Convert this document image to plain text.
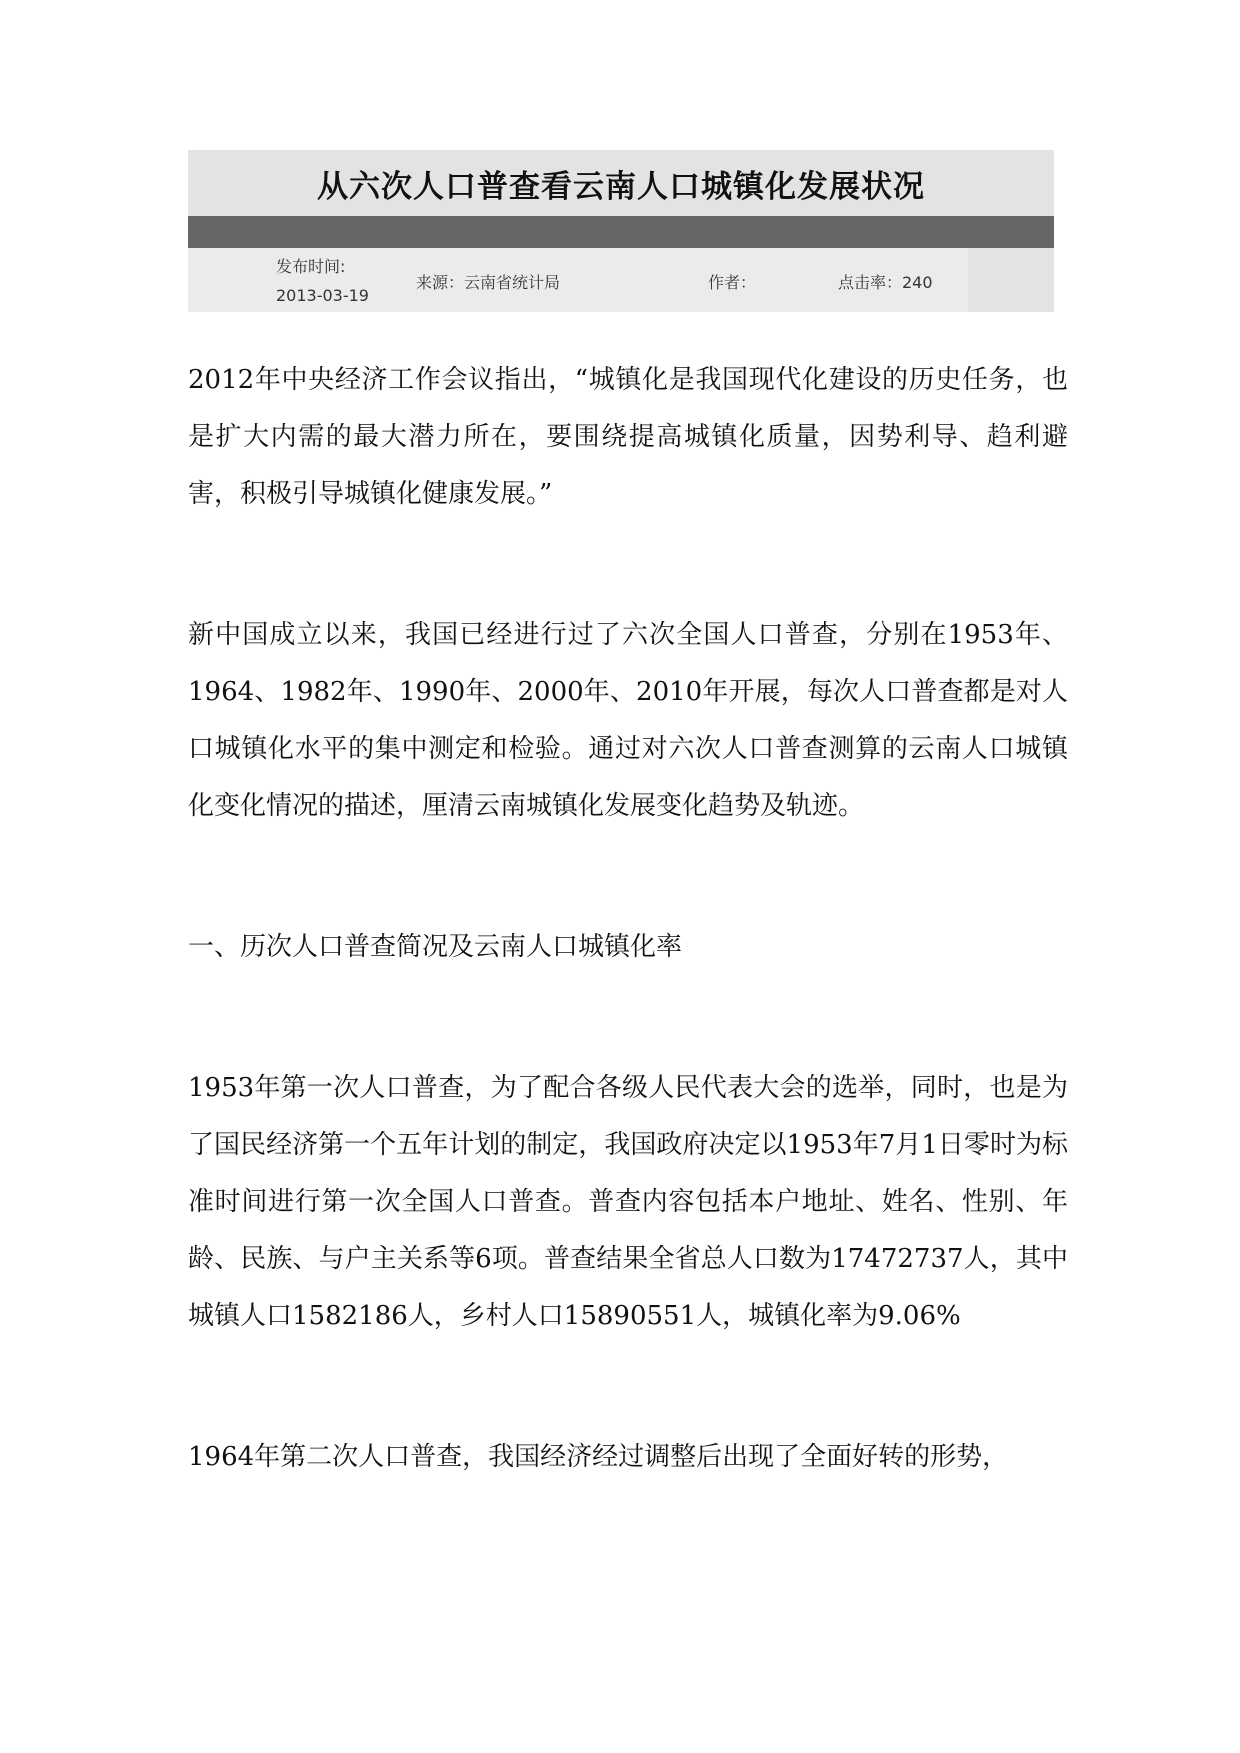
从六次人口普查看云南人口城镇化发展状况
发布时间:
2013-03-19
来源：云南省统计局	作者：	点击率：240

2012年中央经济工作会议指出，“城镇化是我国现代化建设的历史任务，也是扩大内需的最大潜力所在，要围绕提高城镇化质量，因势利导、趋利避害，积极引导城镇化健康发展。”

新中国成立以来，我国已经进行过了六次全国人口普查，分别在1953年、1964、1982年、1990年、2000年、2010年开展，每次人口普查都是对人口城镇化水平的集中测定和检验。通过对六次人口普查测算的云南人口城镇化变化情况的描述，厘清云南城镇化发展变化趋势及轨迹。

一、历次人口普查简况及云南人口城镇化率

1953年第一次人口普查，为了配合各级人民代表大会的选举，同时，也是为了国民经济第一个五年计划的制定，我国政府决定以1953年7月1日零时为标准时间进行第一次全国人口普查。普查内容包括本户地址、姓名、性别、年龄、民族、与户主关系等6项。普查结果全省总人口数为17472737人，其中城镇人口1582186人，乡村人口15890551人，城镇化率为9.06%

1964年第二次人口普查，我国经济经过调整后出现了全面好转的形势，
